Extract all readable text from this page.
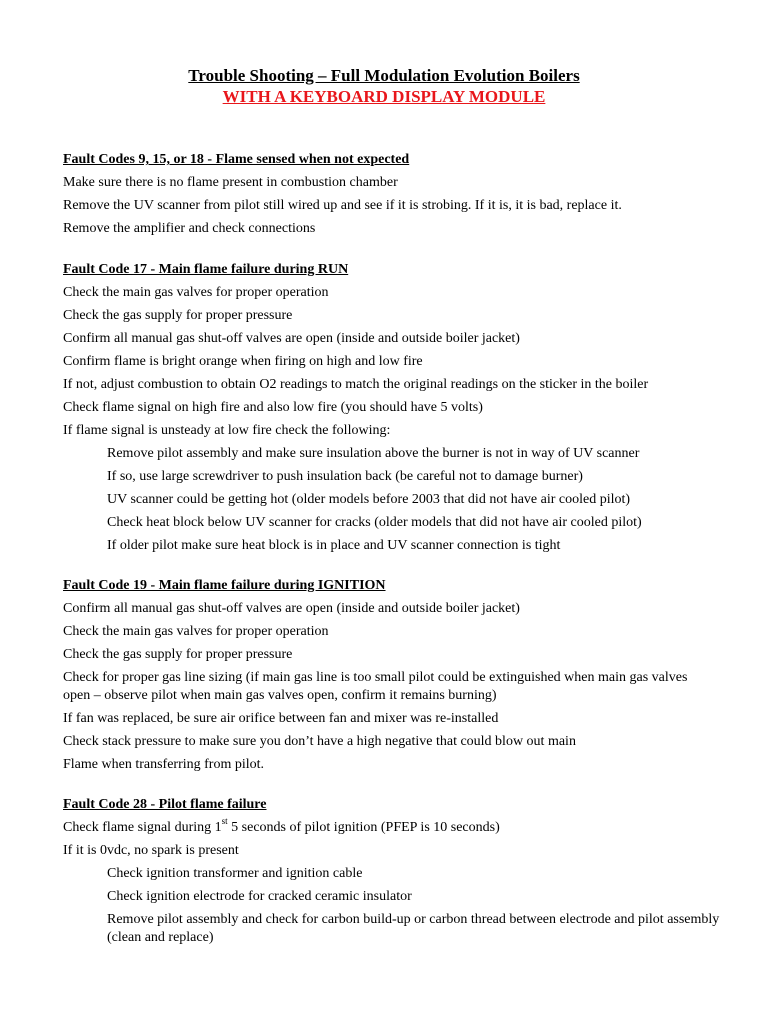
Trouble Shooting – Full Modulation Evolution Boilers
WITH A KEYBOARD DISPLAY MODULE
Fault Codes 9, 15, or 18 - Flame sensed when not expected
Make sure there is no flame present in combustion chamber
Remove the UV scanner from pilot still wired up and see if it is strobing. If it is, it is bad, replace it.
Remove the amplifier and check connections
Fault Code 17 - Main flame failure during RUN
Check the main gas valves for proper operation
Check the gas supply for proper pressure
Confirm all manual gas shut-off valves are open (inside and outside boiler jacket)
Confirm flame is bright orange when firing on high and low fire
If not, adjust combustion to obtain O2 readings to match the original readings on the sticker in the boiler
Check flame signal on high fire and also low fire (you should have 5 volts)
If flame signal is unsteady at low fire check the following:
Remove pilot assembly and make sure insulation above the burner is not in way of UV scanner
If so, use large screwdriver to push insulation back (be careful not to damage burner)
UV scanner could be getting hot (older models before 2003 that did not have air cooled pilot)
Check heat block below UV scanner for cracks (older models that did not have air cooled pilot)
If older pilot make sure heat block is in place and UV scanner connection is tight
Fault Code 19 - Main flame failure during IGNITION
Confirm all manual gas shut-off valves are open (inside and outside boiler jacket)
Check the main gas valves for proper operation
Check the gas supply for proper pressure
Check for proper gas line sizing (if main gas line is too small pilot could be extinguished when main gas valves open – observe pilot when main gas valves open, confirm it remains burning)
If fan was replaced, be sure air orifice between fan and mixer was re-installed
Check stack pressure to make sure you don’t have a high negative that could blow out main
Flame when transferring from pilot.
Fault Code 28 - Pilot flame failure
Check flame signal during 1st 5 seconds of pilot ignition (PFEP is 10 seconds)
If it is 0vdc, no spark is present
Check ignition transformer and ignition cable
Check ignition electrode for cracked ceramic insulator
Remove pilot assembly and check for carbon build-up or carbon thread between electrode and pilot assembly (clean and replace)
